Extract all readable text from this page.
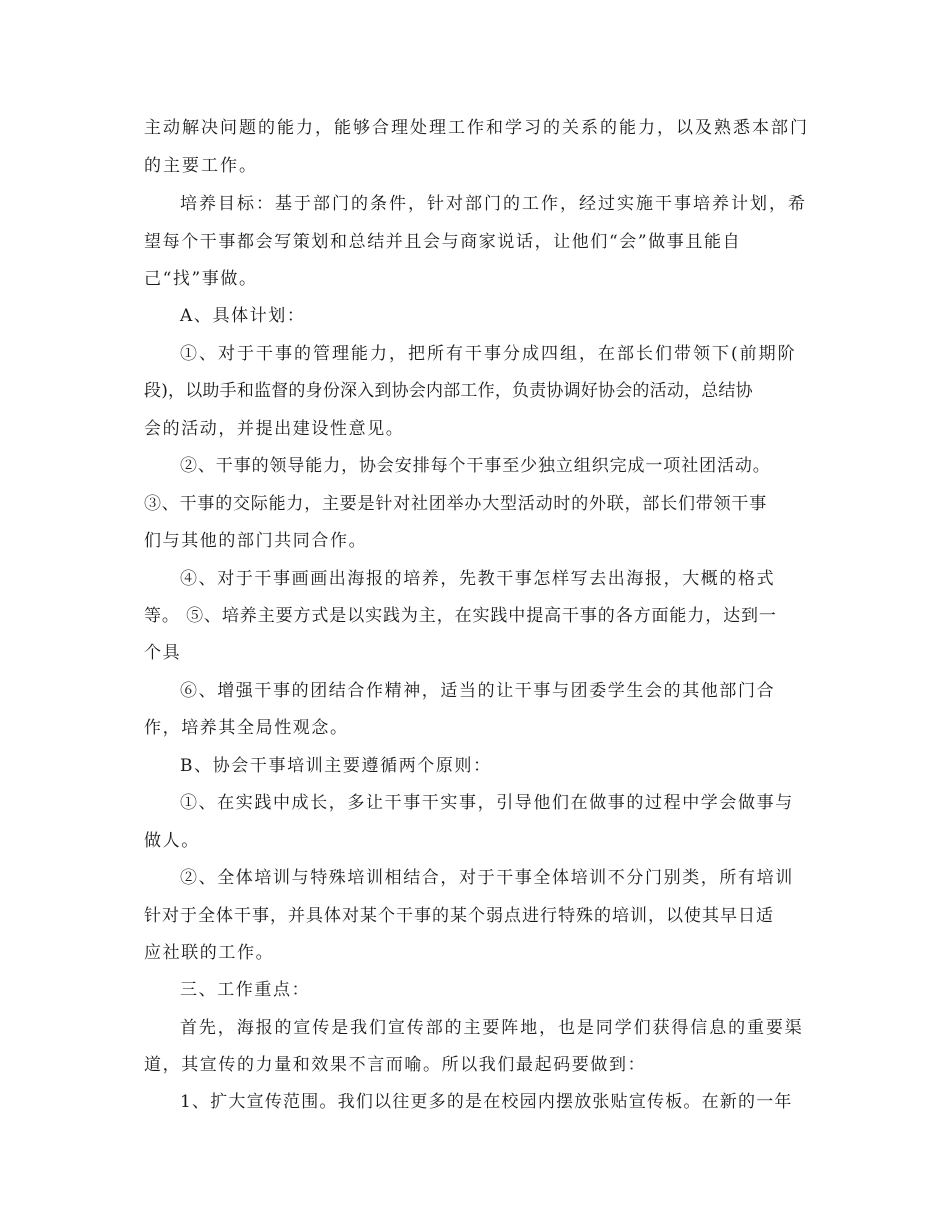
主动解决问题的能力，能够合理处理工作和学习的关系的能力，以及熟悉本部门

的主要工作。

培养目标：基于部门的条件，针对部门的工作，经过实施干事培养计划，希

望每个干事都会写策划和总结并且会与商家说话，让他们“会”做事且能自

己“找”事做。

A、具体计划：

①、对于干事的管理能力，把所有干事分成四组，在部长们带领下(前期阶

段)，以助手和监督的身份深入到协会内部工作，负责协调好协会的活动，总结协

会的活动，并提出建设性意见。

②、干事的领导能力，协会安排每个干事至少独立组织完成一项社团活动。

③、干事的交际能力，主要是针对社团举办大型活动时的外联，部长们带领干事

们与其他的部门共同合作。

④、对于干事画画出海报的培养，先教干事怎样写去出海报，大概的格式

等。 ⑤、培养主要方式是以实践为主，在实践中提高干事的各方面能力，达到一

个具

⑥、增强干事的团结合作精神，适当的让干事与团委学生会的其他部门合

作，培养其全局性观念。

B、协会干事培训主要遵循两个原则：

①、在实践中成长，多让干事干实事，引导他们在做事的过程中学会做事与

做人。

②、全体培训与特殊培训相结合，对于干事全体培训不分门别类，所有培训

针对于全体干事，并具体对某个干事的某个弱点进行特殊的培训，以使其早日适

应社联的工作。

三、工作重点：

首先，海报的宣传是我们宣传部的主要阵地，也是同学们获得信息的重要渠

道，其宣传的力量和效果不言而喻。所以我们最起码要做到：

1、扩大宣传范围。我们以往更多的是在校园内摆放张贴宣传板。在新的一年
